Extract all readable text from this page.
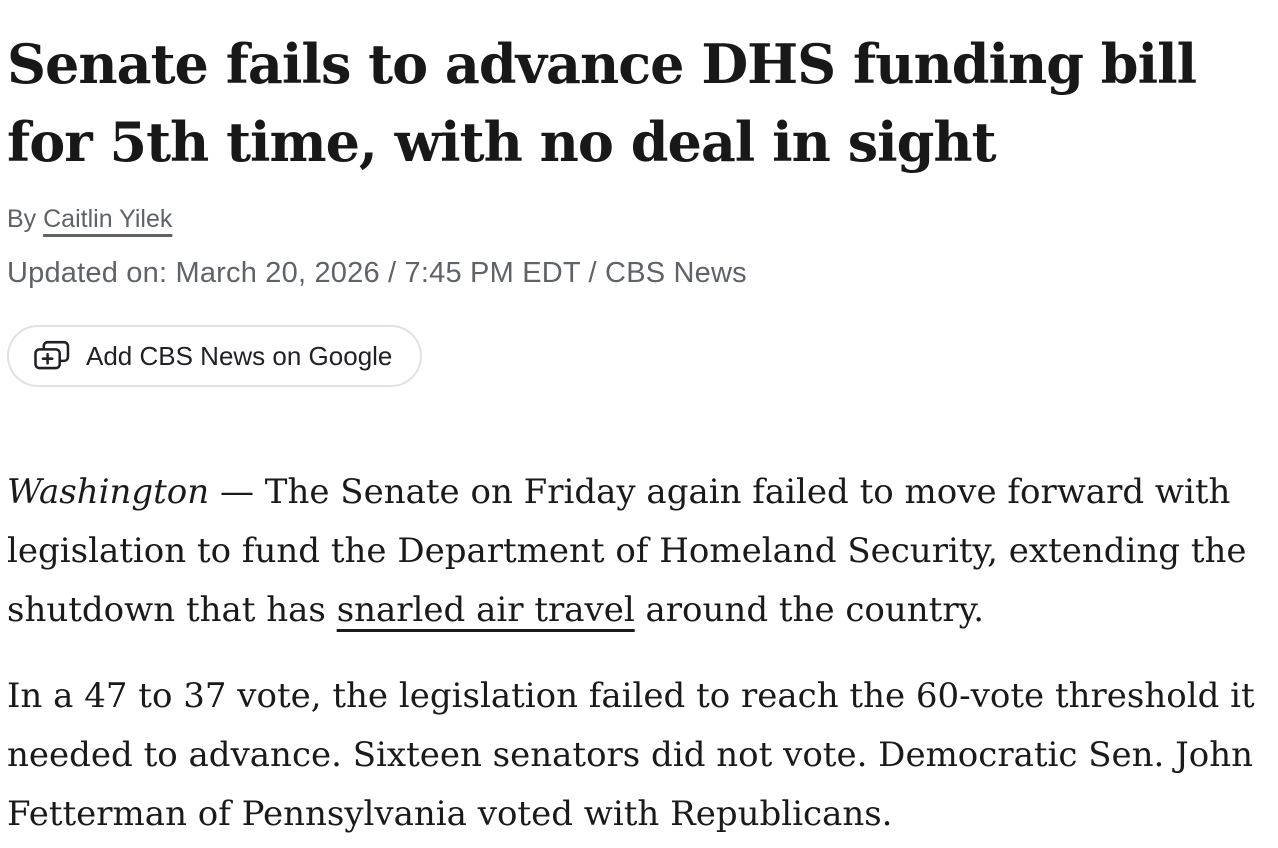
Senate fails to advance DHS funding bill
for 5th time, with no deal in sight
By Caitlin Yilek
Updated on: March 20, 2026 / 7:45 PM EDT / CBS News
Add CBS News on Google

Washington — The Senate on Friday again failed to move forward with legislation to fund the Department of Homeland Security, extending the shutdown that has snarled air travel around the country.

In a 47 to 37 vote, the legislation failed to reach the 60-vote threshold it needed to advance. Sixteen senators did not vote. Democratic Sen. John Fetterman of Pennsylvania voted with Republicans.
